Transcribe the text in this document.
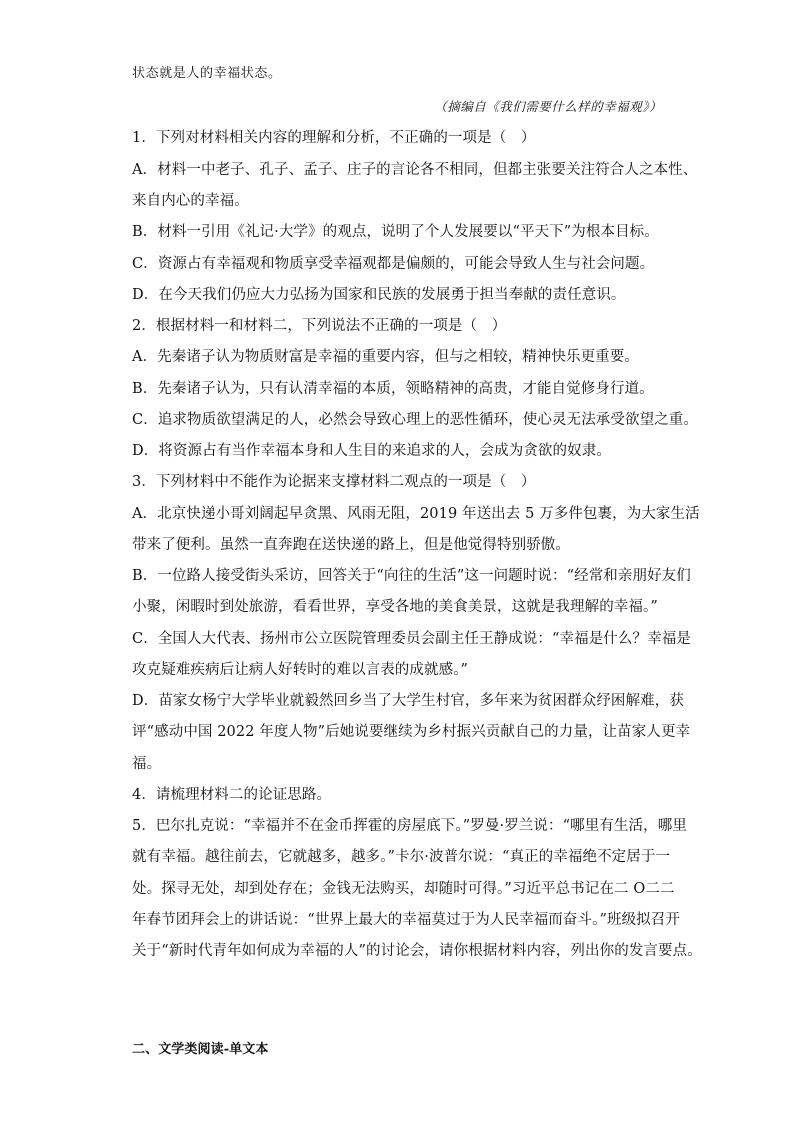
状态就是人的幸福状态。
（摘编自《我们需要什么样的幸福观》）
1．下列对材料相关内容的理解和分析，不正确的一项是（　）
A．材料一中老子、孔子、孟子、庄子的言论各不相同，但都主张要关注符合人之本性、
来自内心的幸福。
B．材料一引用《礼记·大学》的观点，说明了个人发展要以“平天下”为根本目标。
C．资源占有幸福观和物质享受幸福观都是偏颇的，可能会导致人生与社会问题。
D．在今天我们仍应大力弘扬为国家和民族的发展勇于担当奉献的责任意识。
2．根据材料一和材料二，下列说法不正确的一项是（　）
A．先秦诸子认为物质财富是幸福的重要内容，但与之相较，精神快乐更重要。
B．先秦诸子认为，只有认清幸福的本质，领略精神的高贵，才能自觉修身行道。
C．追求物质欲望满足的人，必然会导致心理上的恶性循环，使心灵无法承受欲望之重。
D．将资源占有当作幸福本身和人生目的来追求的人，会成为贪欲的奴隶。
3．下列材料中不能作为论据来支撑材料二观点的一项是（　）
A．北京快递小哥刘阔起早贪黑、风雨无阻，2019 年送出去 5 万多件包裹，为大家生活
带来了便利。虽然一直奔跑在送快递的路上，但是他觉得特别骄傲。
B．一位路人接受街头采访，回答关于“向往的生活”这一问题时说：“经常和亲朋好友们
小聚，闲暇时到处旅游，看看世界，享受各地的美食美景，这就是我理解的幸福。”
C．全国人大代表、扬州市公立医院管理委员会副主任王静成说：“幸福是什么？幸福是
攻克疑难疾病后让病人好转时的难以言表的成就感。”
D．苗家女杨宁大学毕业就毅然回乡当了大学生村官，多年来为贫困群众纾困解难，获
评“感动中国 2022 年度人物”后她说要继续为乡村振兴贡献自己的力量，让苗家人更幸
福。
4．请梳理材料二的论证思路。
5．巴尔扎克说：“幸福并不在金币挥霍的房屋底下。”罗曼·罗兰说：“哪里有生活，哪里
就有幸福。越往前去，它就越多，越多。”卡尔·波普尔说：“真正的幸福绝不定居于一
处。探寻无处，却到处存在；金钱无法购买，却随时可得。”习近平总书记在二 O二二
年春节团拜会上的讲话说：“世界上最大的幸福莫过于为人民幸福而奋斗。”班级拟召开
关于“新时代青年如何成为幸福的人”的讨论会，请你根据材料内容，列出你的发言要点。
二、文学类阅读-单文本
